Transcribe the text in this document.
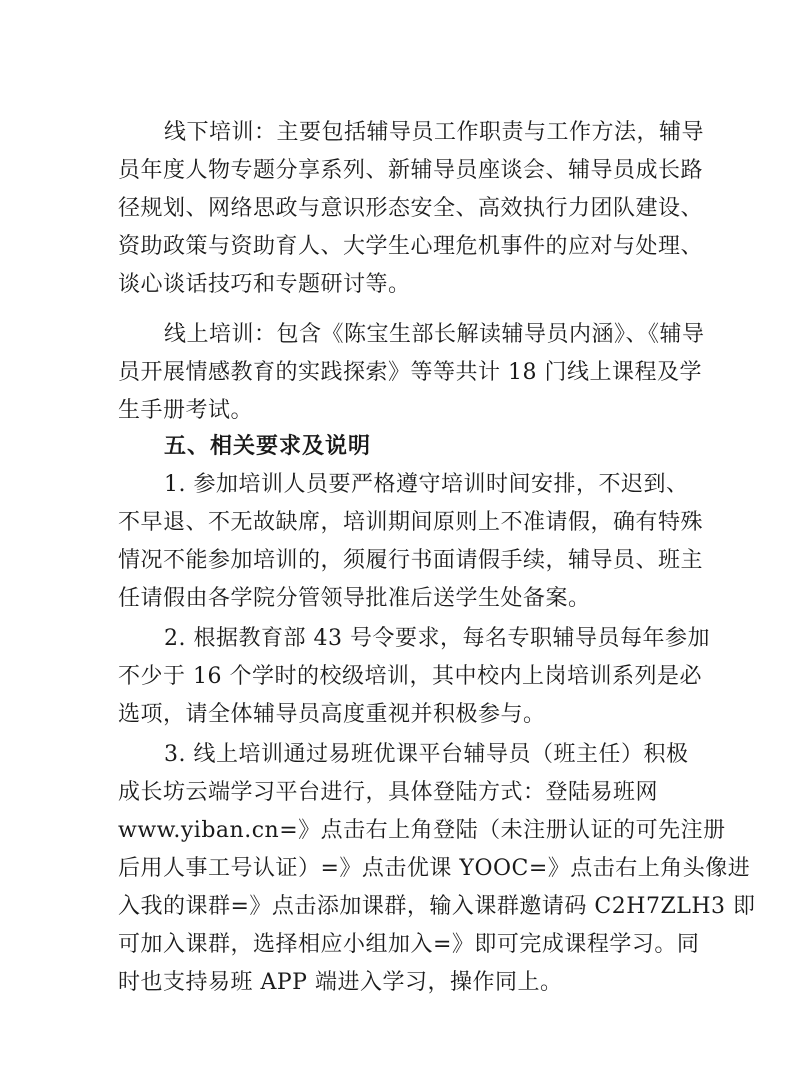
线下培训：主要包括辅导员工作职责与工作方法，辅导
员年度人物专题分享系列、新辅导员座谈会、辅导员成长路
径规划、网络思政与意识形态安全、高效执行力团队建设、
资助政策与资助育人、大学生心理危机事件的应对与处理、
谈心谈话技巧和专题研讨等。
线上培训：包含《陈宝生部长解读辅导员内涵》、《辅导
员开展情感教育的实践探索》等等共计 18 门线上课程及学
生手册考试。
五、相关要求及说明
1. 参加培训人员要严格遵守培训时间安排，不迟到、
不早退、不无故缺席，培训期间原则上不准请假，确有特殊
情况不能参加培训的，须履行书面请假手续，辅导员、班主
任请假由各学院分管领导批准后送学生处备案。
2. 根据教育部 43 号令要求，每名专职辅导员每年参加
不少于 16 个学时的校级培训，其中校内上岗培训系列是必
选项，请全体辅导员高度重视并积极参与。
3. 线上培训通过易班优课平台辅导员（班主任）积极
成长坊云端学习平台进行，具体登陆方式：登陆易班网
www.yiban.cn=》点击右上角登陆（未注册认证的可先注册
后用人事工号认证）=》点击优课 YOOC=》点击右上角头像进
入我的课群=》点击添加课群，输入课群邀请码 C2H7ZLH3 即
可加入课群，选择相应小组加入=》即可完成课程学习。同
时也支持易班 APP 端进入学习，操作同上。
